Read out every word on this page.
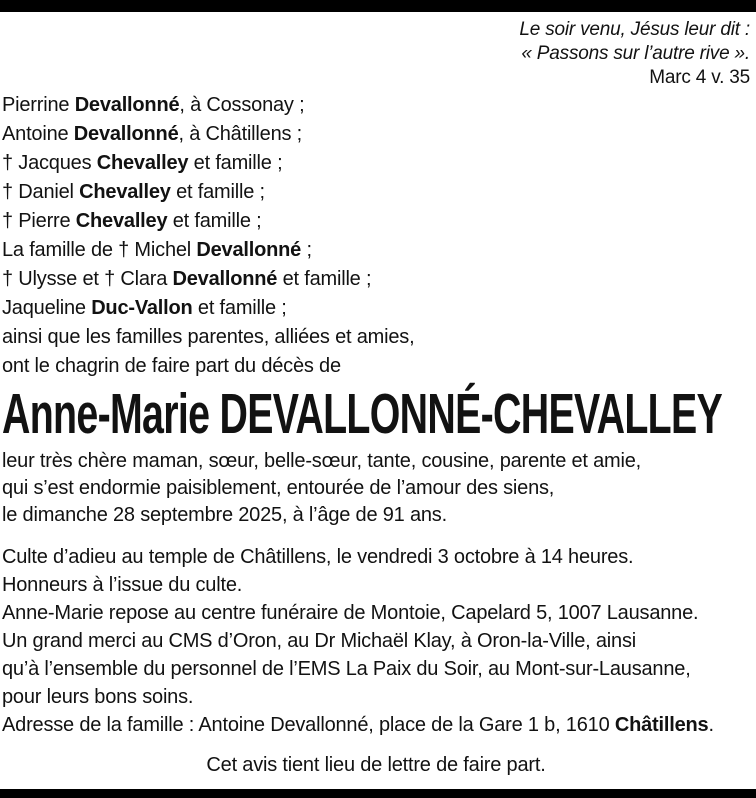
Le soir venu, Jésus leur dit :
« Passons sur l’autre rive ».
Marc 4 v. 35
Pierrine Devallonné, à Cossonay ;
Antoine Devallonné, à Châtillens ;
† Jacques Chevalley et famille ;
† Daniel Chevalley et famille ;
† Pierre Chevalley et famille ;
La famille de † Michel Devallonné ;
† Ulysse et † Clara Devallonné et famille ;
Jaqueline Duc-Vallon et famille ;
ainsi que les familles parentes, alliées et amies,
ont le chagrin de faire part du décès de
Anne-Marie DEVALLONNÉ-CHEVALLEY
leur très chère maman, sœur, belle-sœur, tante, cousine, parente et amie,
qui s’est endormie paisiblement, entourée de l’amour des siens,
le dimanche 28 septembre 2025, à l’âge de 91 ans.
Culte d’adieu au temple de Châtillens, le vendredi 3 octobre à 14 heures.
Honneurs à l’issue du culte.
Anne-Marie repose au centre funéraire de Montoie, Capelard 5, 1007 Lausanne.
Un grand merci au CMS d’Oron, au Dr Michaël Klay, à Oron-la-Ville, ainsi
qu’à l’ensemble du personnel de l’EMS La Paix du Soir, au Mont-sur-Lausanne,
pour leurs bons soins.
Adresse de la famille : Antoine Devallonné, place de la Gare 1 b, 1610 Châtillens.
Cet avis tient lieu de lettre de faire part.
